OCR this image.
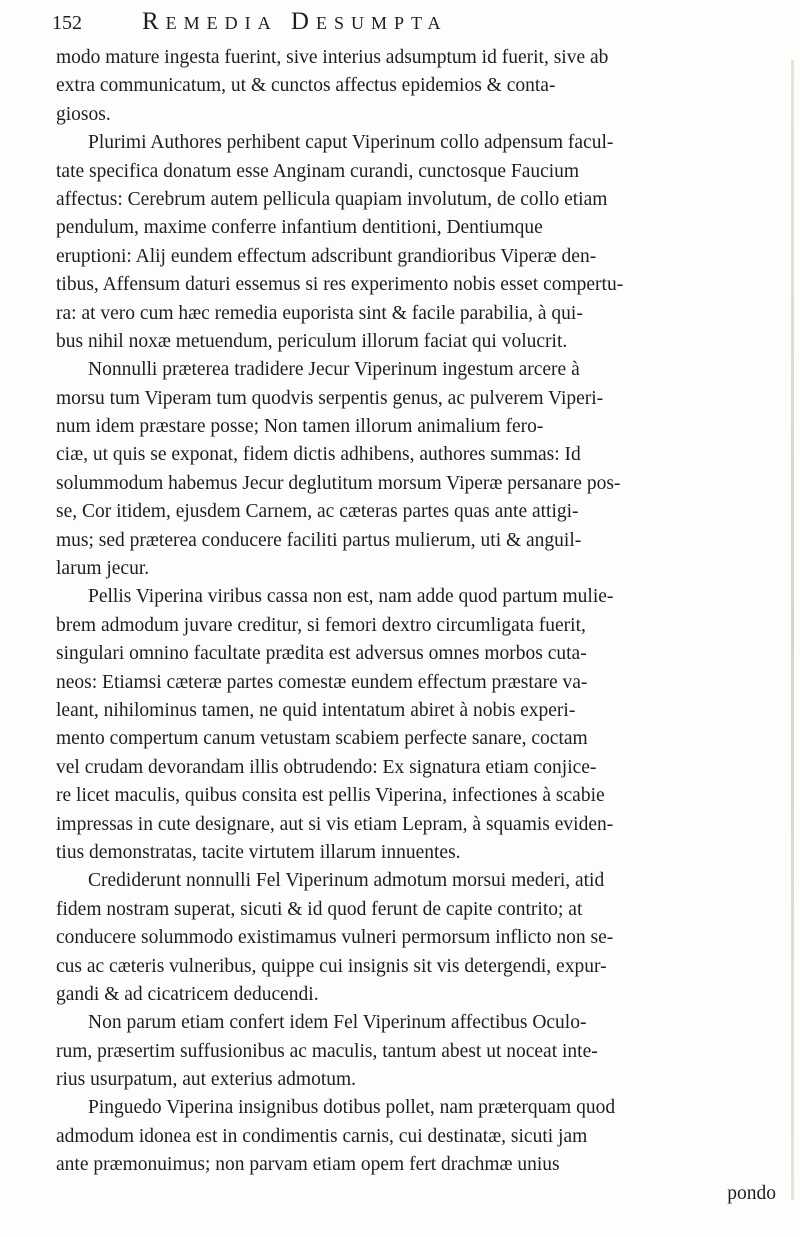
152	Remedia Desumpta
modo mature ingesta fuerint, sive interius adsumptum id fuerit, sive ab
extra communicatum, ut & cunctos affectus epidemios & conta-
giosos.
Plurimi Authores perhibent caput Viperinum collo adpensum facul-
tate specifica donatum esse Anginam curandi, cunctosque Faucium
affectus: Cerebrum autem pellicula quapiam involutum, de collo etiam
pendulum, maxime conferre infantium dentitioni, Dentiumque
eruptioni: Alij eundem effectum adscribunt grandioribus Viperæ den-
tibus, Affensum daturi essemus si res experimento nobis esset compertu-
ra: at vero cum hæc remedia euporista sint & facile parabilia, à qui-
bus nihil noxæ metuendum, periculum illorum faciat qui volucrit.
Nonnulli præterea tradidere Jecur Viperinum ingestum arcere à
morsu tum Viperam tum quodvis serpentis genus, ac pulverem Viperi-
num idem præstare posse; Non tamen illorum animalium fero-
ciæ, ut quis se exponat, fidem dictis adhibens, authores summas: Id
solummodum habemus Jecur deglutitum morsum Viperæ persanare pos-
se, Cor itidem, ejusdem Carnem, ac cæteras partes quas ante attigi-
mus; sed præterea conducere faciliti partus mulierum, uti & anguil-
larum jecur.
Pellis Viperina viribus cassa non est, nam adde quod partum mulie-
brem admodum juvare creditur, si femori dextro circumligata fuerit,
singulari omnino facultate prædita est adversus omnes morbos cuta-
neos: Etiamsi cæteræ partes comestæ eundem effectum præstare va-
leant, nihilominus tamen, ne quid intentatum abiret à nobis experi-
mento compertum canum vetustam scabiem perfecte sanare, coctam
vel crudam devorandam illis obtrudendo: Ex signatura etiam conjice-
re licet maculis, quibus consita est pellis Viperina, infectiones à scabie
impressas in cute designare, aut si vis etiam Lepram, à squamis eviden-
tius demonstratas, tacite virtutem illarum innuentes.
Crediderunt nonnulli Fel Viperinum admotum morsui mederi, atid
fidem nostram superat, sicuti & id quod ferunt de capite contrito; at
conducere solummodo existimamus vulneri permorsum inflicto non se-
cus ac cæteris vulneribus, quippe cui insignis sit vis detergendi, expur-
gandi & ad cicatricem deducendi.
Non parum etiam confert idem Fel Viperinum affectibus Oculo-
rum, præsertim suffusionibus ac maculis, tantum abest ut noceat inte-
rius usurpatum, aut exterius admotum.
Pinguedo Viperina insignibus dotibus pollet, nam præterquam quod
admodum idonea est in condimentis carnis, cui destinatæ, sicuti jam
ante præmonuimus; non parvam etiam opem fert drachmæ unius
pondo
